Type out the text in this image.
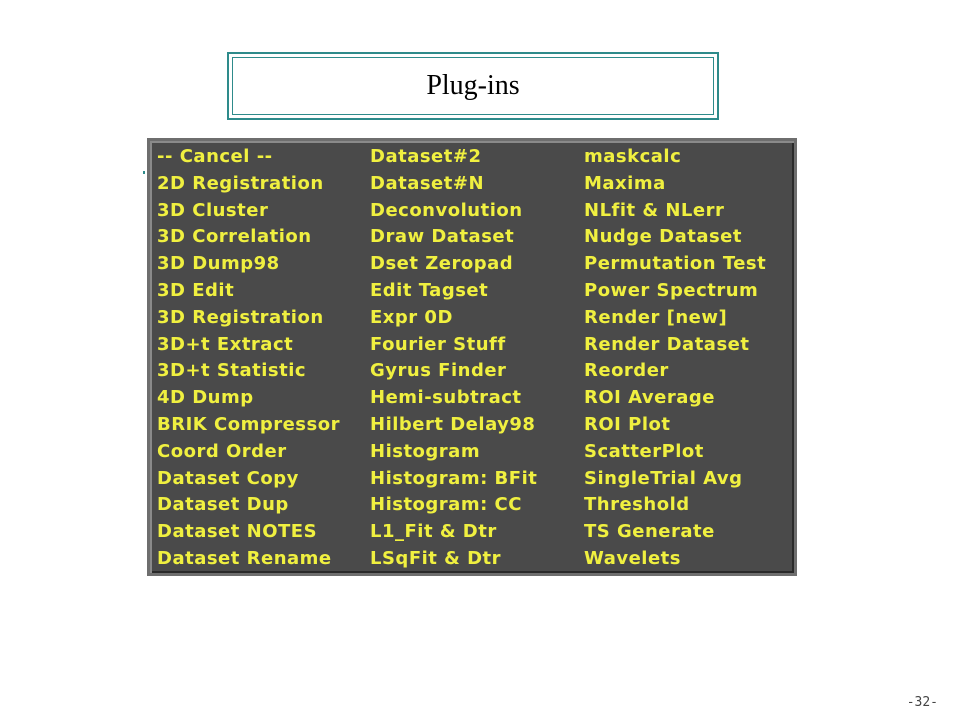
Plug-ins
-- Cancel --
2D Registration
3D Cluster
3D Correlation
3D Dump98
3D Edit
3D Registration
3D+t Extract
3D+t Statistic
4D Dump
BRIK Compressor
Coord Order
Dataset Copy
Dataset Dup
Dataset NOTES
Dataset Rename
Dataset#2
Dataset#N
Deconvolution
Draw Dataset
Dset Zeropad
Edit Tagset
Expr 0D
Fourier Stuff
Gyrus Finder
Hemi-subtract
Hilbert Delay98
Histogram
Histogram: BFit
Histogram: CC
L1_Fit & Dtr
LSqFit & Dtr
maskcalc
Maxima
NLfit & NLerr
Nudge Dataset
Permutation Test
Power Spectrum
Render [new]
Render Dataset
Reorder
ROI Average
ROI Plot
ScatterPlot
SingleTrial Avg
Threshold
TS Generate
Wavelets
-32-
